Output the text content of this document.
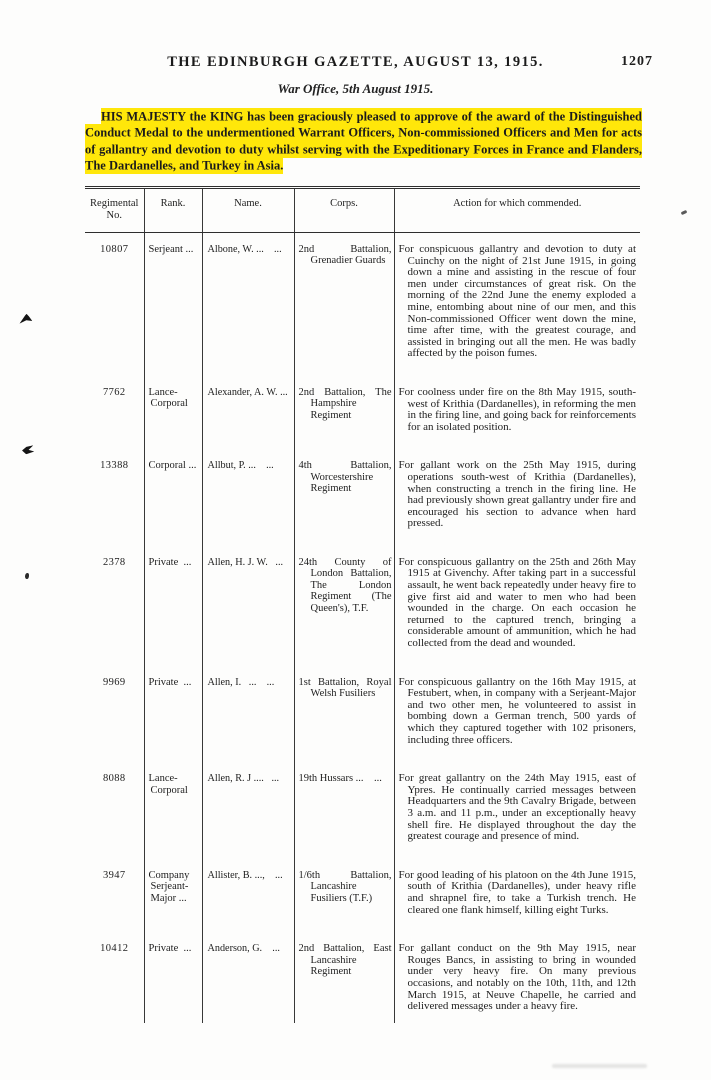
THE EDINBURGH GAZETTE, AUGUST 13, 1915.	1207
War Office, 5th August 1915.

HIS MAJESTY the KING has been graciously pleased to approve of the award of the Distinguished Conduct Medal to the undermentioned Warrant Officers, Non-commissioned Officers and Men for acts of gallantry and devotion to duty whilst serving with the Expeditionary Forces in France and Flanders, The Dardanelles, and Turkey in Asia.

Regimental No.	Rank.	Name.	Corps.	Action for which commended.
10807	Serjeant ...	Albone, W. ...    ...	2nd Battalion, Grenadier Guards	For conspicuous gallantry and devotion to duty at Cuinchy on the night of 21st June 1915, in going down a mine and assisting in the rescue of four men under circumstances of great risk. On the morning of the 22nd June the enemy exploded a mine, entombing about nine of our men, and this Non-commissioned Officer went down the mine, time after time, with the greatest courage, and assisted in bringing out all the men. He was badly affected by the poison fumes.
7762	Lance-Corporal	Alexander, A. W. ...	2nd Battalion, The Hampshire Regiment	For coolness under fire on the 8th May 1915, south-west of Krithia (Dardanelles), in reforming the men in the firing line, and going back for reinforcements for an isolated position.
13388	Corporal ...	Allbut, P. ...    ...	4th Battalion, Worcestershire Regiment	For gallant work on the 25th May 1915, during operations south-west of Krithia (Dardanelles), when constructing a trench in the firing line. He had previously shown great gallantry under fire and encouraged his section to advance when hard pressed.
2378	Private  ...	Allen, H. J. W.   ...	24th County of London Battalion, The London Regiment (The Queen's), T.F.	For conspicuous gallantry on the 25th and 26th May 1915 at Givenchy. After taking part in a successful assault, he went back repeatedly under heavy fire to give first aid and water to men who had been wounded in the charge. On each occasion he returned to the captured trench, bringing a considerable amount of ammunition, which he had collected from the dead and wounded.
9969	Private  ...	Allen, I.   ...    ...	1st Battalion, Royal Welsh Fusiliers	For conspicuous gallantry on the 16th May 1915, at Festubert, when, in company with a Serjeant-Major and two other men, he volunteered to assist in bombing down a German trench, 500 yards of which they captured together with 102 prisoners, including three officers.
8088	Lance-Corporal	Allen, R. J ....   ...	19th Hussars ...    ...	For great gallantry on the 24th May 1915, east of Ypres. He continually carried messages between Headquarters and the 9th Cavalry Brigade, between 3 a.m. and 11 p.m., under an exceptionally heavy shell fire. He displayed throughout the day the greatest courage and presence of mind.
3947	Company Serjeant-Major ...	Allister, B. ...,    ...	1/6th Battalion, Lancashire Fusiliers (T.F.)	For good leading of his platoon on the 4th June 1915, south of Krithia (Dardanelles), under heavy rifle and shrapnel fire, to take a Turkish trench. He cleared one flank himself, killing eight Turks.
10412	Private  ...	Anderson, G.    ...	2nd Battalion, East Lancashire Regiment	For gallant conduct on the 9th May 1915, near Rouges Bancs, in assisting to bring in wounded under very heavy fire. On many previous occasions, and notably on the 10th, 11th, and 12th March 1915, at Neuve Chapelle, he carried and delivered messages under a heavy fire.
